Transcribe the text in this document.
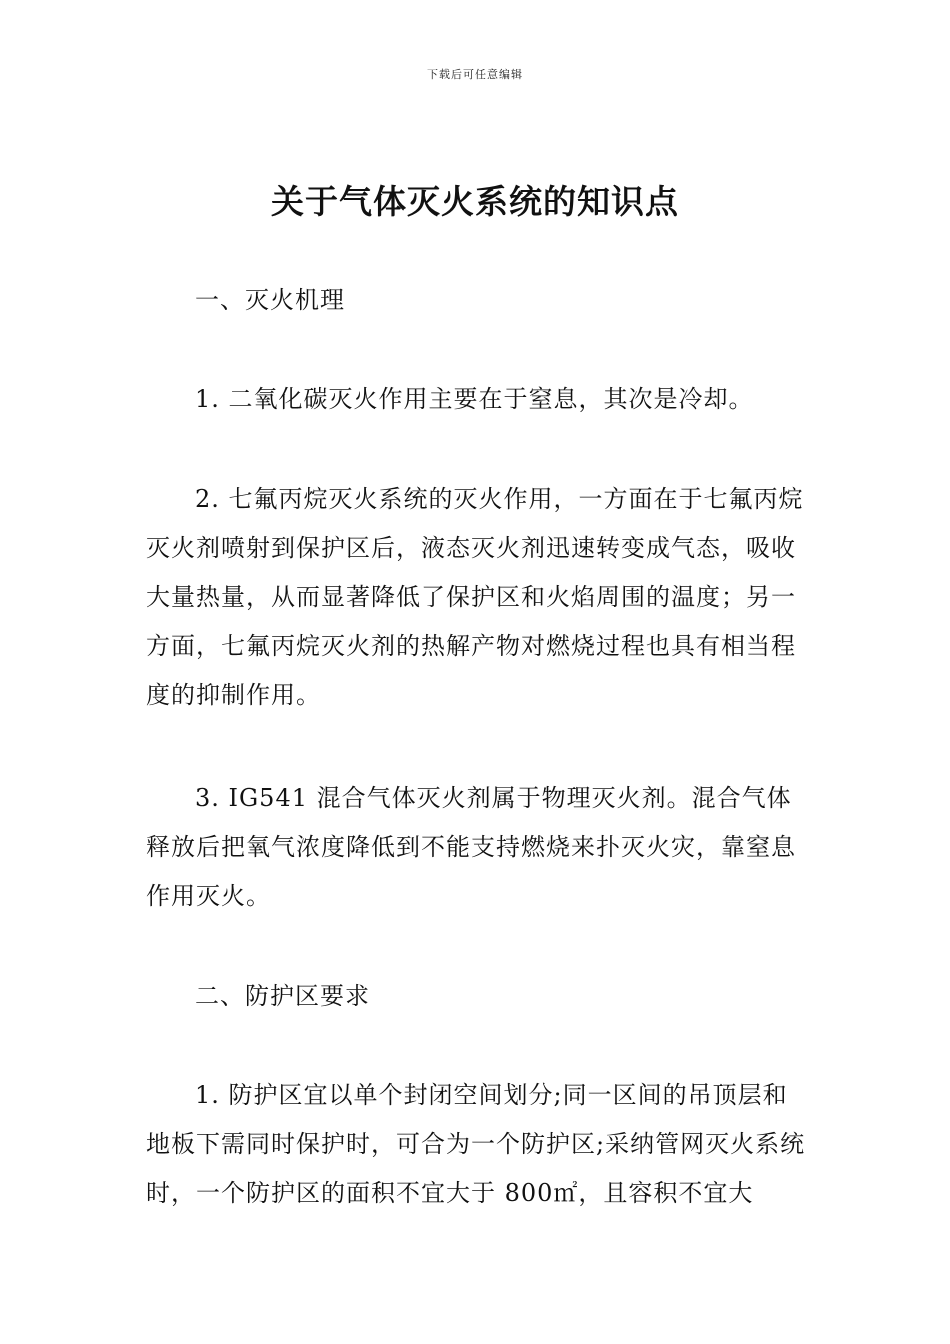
下载后可任意编辑
关于气体灭火系统的知识点

一、灭火机理

1. 二氧化碳灭火作用主要在于窒息，其次是冷却。

2. 七氟丙烷灭火系统的灭火作用，一方面在于七氟丙烷灭火剂喷射到保护区后，液态灭火剂迅速转变成气态，吸收大量热量，从而显著降低了保护区和火焰周围的温度；另一方面，七氟丙烷灭火剂的热解产物对燃烧过程也具有相当程度的抑制作用。

3. IG541 混合气体灭火剂属于物理灭火剂。混合气体释放后把氧气浓度降低到不能支持燃烧来扑灭火灾，靠窒息作用灭火。

二、防护区要求

1. 防护区宜以单个封闭空间划分;同一区间的吊顶层和地板下需同时保护时，可合为一个防护区;采纳管网灭火系统时，一个防护区的面积不宜大于 800㎡，且容积不宜大
